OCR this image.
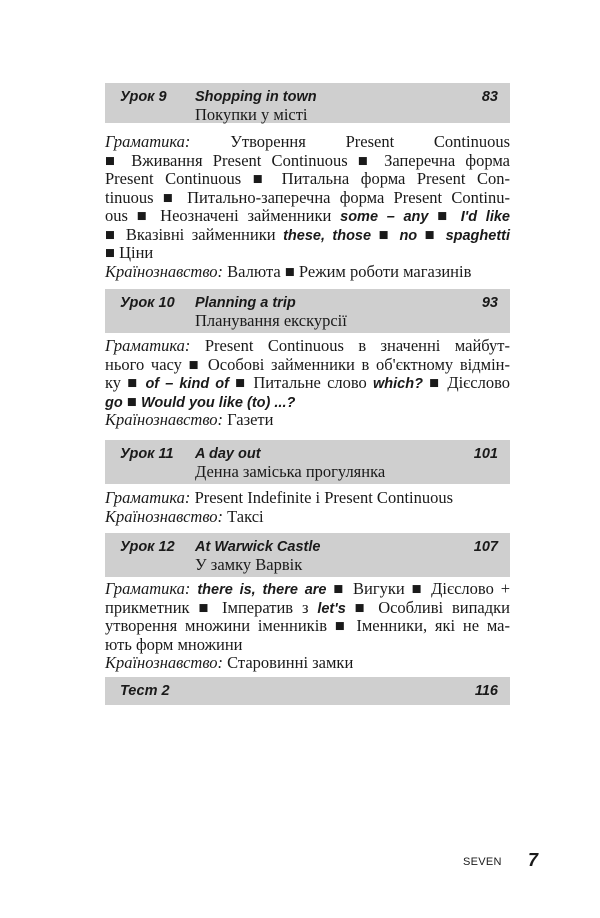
Урок 9 Shopping in town	83
Покупки у місті
Граматика: Утворення Present Continuous
■ Вживання Present Continuous ■ Заперечна форма
Present Continuous ■ Питальна форма Present Con-
tinuous ■ Питально-заперечна форма Present Continu-
ous ■ Неозначені займенники some – any ■ I'd like
■ Вказівні займенники these, those ■ no ■ spaghetti
■ Ціни
Країнознавство: Валюта ■ Режим роботи магазинів
Урок 10 Planning a trip	93
Планування екскурсії
Граматика: Present Continuous в значенні майбут-
нього часу ■ Особові займенники в об'єктному відмін-
ку ■ of – kind of ■ Питальне слово which? ■ Дієслово
go ■ Would you like (to) ...?
Країнознавство: Газети
Урок 11 A day out	101
Денна заміська прогулянка
Граматика: Present Indefinite і Present Continuous
Країнознавство: Таксі
Урок 12 At Warwick Castle	107
У замку Варвік
Граматика: there is, there are ■ Вигуки ■ Дієслово +
прикметник ■ Імператив з let's ■ Особливі випадки
утворення множини іменників ■ Іменники, які не ма-
ють форм множини
Країнознавство: Старовинні замки
Тест 2	116
SEVEN 7
